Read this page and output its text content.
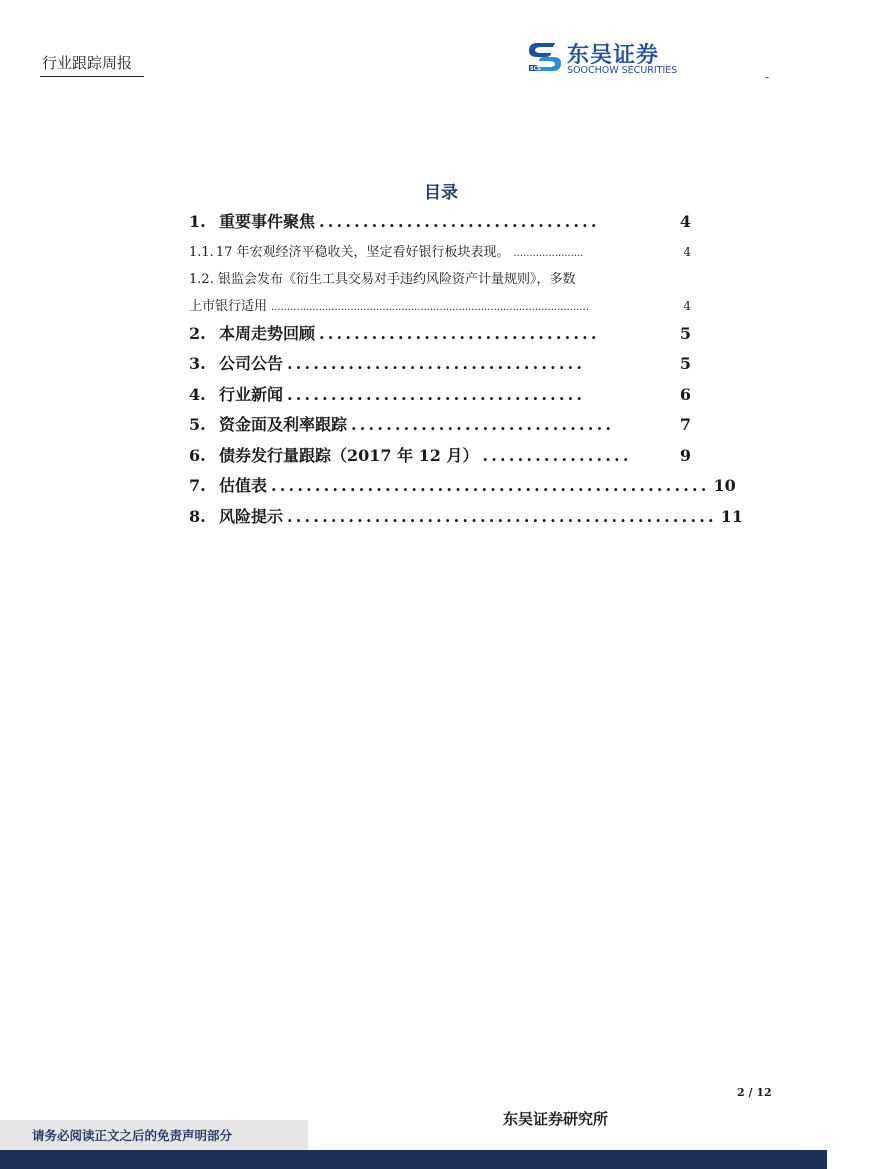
行业跟踪周报	SCS
东吴证券
SOOCHOW SECURITIES	-
目录
1. 重要事件聚焦 ................................	4
1.1. 17 年宏观经济平稳收关，坚定看好银行板块表现。 ......................	4
1.2. 银监会发布《衍生工具交易对手违约风险资产计量规则》，多数
上市银行适用 ....................................................................................................	4
2. 本周走势回顾 ................................	5
3. 公司公告 ..................................	5
4. 行业新闻 ..................................	6
5. 资金面及利率跟踪 ..............................	7
6. 债券发行量跟踪（2017 年 12 月） .................	9
7. 估值表 .................................................. 10
8. 风险提示 ................................................. 11
2 / 12
东吴证券研究所
请务必阅读正文之后的免责声明部分
